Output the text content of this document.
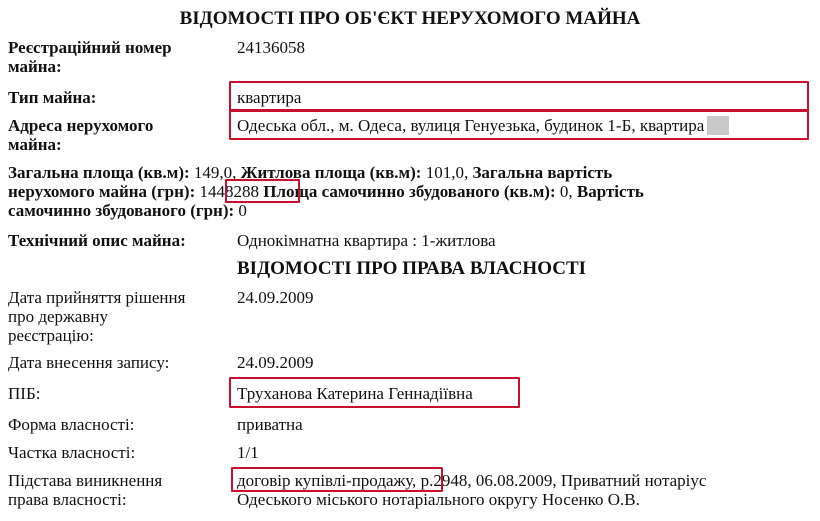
ВІДОМОСТІ ПРО ОБ'ЄКТ НЕРУХОМОГО МАЙНА
Реєстраційний номер
майна:
24136058
Тип майна:	квартира
Адреса нерухомого
майна:
Одеська обл., м. Одеса, вулиця Генуезька, будинок 1-Б, квартира
Загальна площа (кв.м): 149,0, Житлова площа (кв.м): 101,0, Загальна вартість
нерухомого майна (грн): 1448288 Площа самочинно збудованого (кв.м): 0, Вартість
самочинно збудованого (грн): 0
Технічний опис майна:	Однокімнатна квартира : 1-житлова
ВІДОМОСТІ ПРО ПРАВА ВЛАСНОСТІ
Дата прийняття рішення
про державну
реєстрацію:
24.09.2009
Дата внесення запису:	24.09.2009
ПІБ:	Труханова Катерина Геннадіївна
Форма власності:	приватна
Частка власності:	1/1
Підстава виникнення
права власності:
договір купівлі-продажу, р.2948, 06.08.2009, Приватний нотаріус
Одеського міського нотаріального округу Носенко О.В.
